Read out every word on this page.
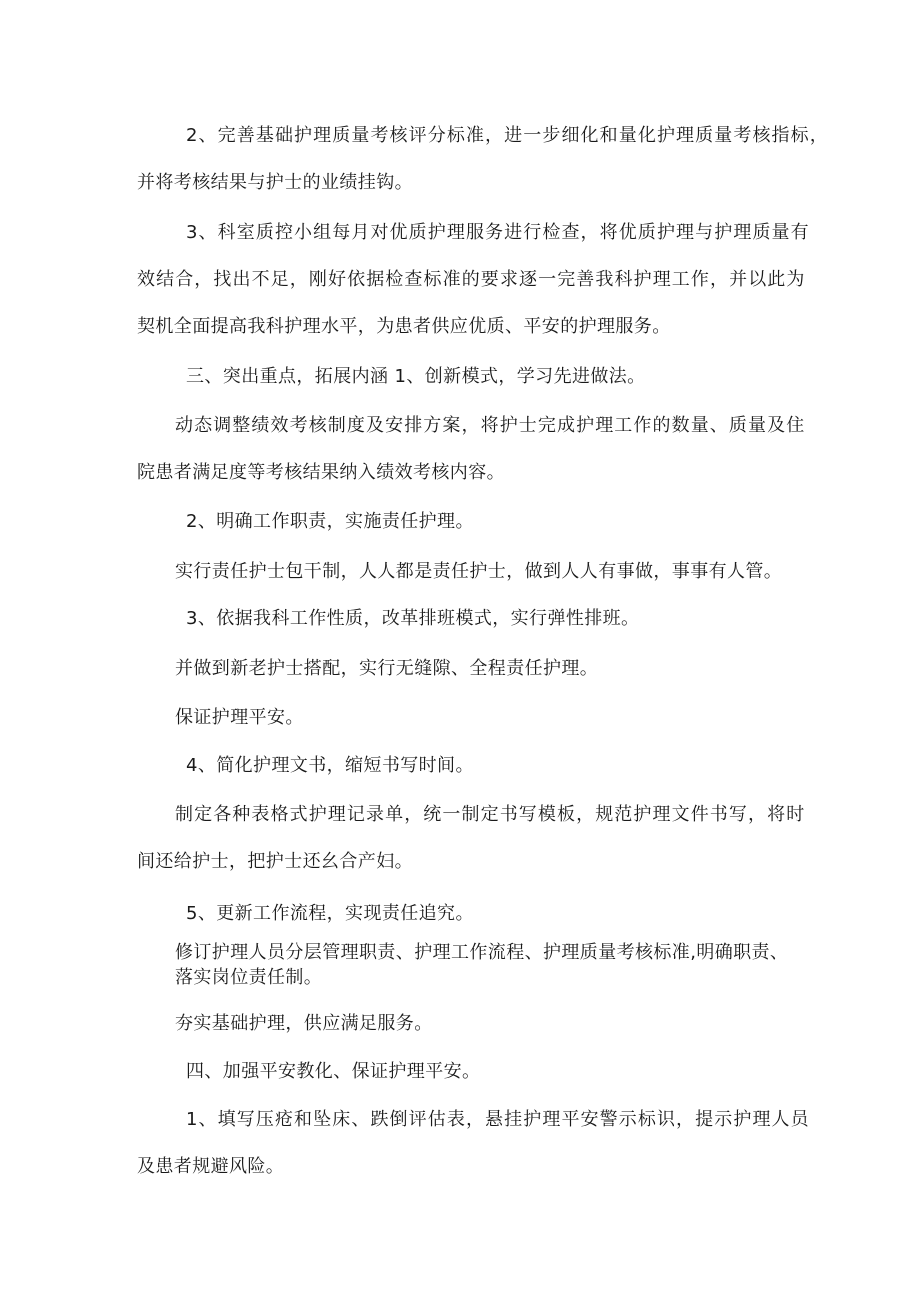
2、完善基础护理质量考核评分标准，进一步细化和量化护理质量考核指标，

并将考核结果与护士的业绩挂钩。

3、科室质控小组每月对优质护理服务进行检查，将优质护理与护理质量有

效结合，找出不足，刚好依据检查标准的要求逐一完善我科护理工作，并以此为

契机全面提高我科护理水平，为患者供应优质、平安的护理服务。

三、突出重点，拓展内涵 1、创新模式，学习先进做法。

动态调整绩效考核制度及安排方案，将护士完成护理工作的数量、质量及住

院患者满足度等考核结果纳入绩效考核内容。

2、明确工作职责，实施责任护理。

实行责任护士包干制，人人都是责任护士，做到人人有事做，事事有人管。

3、依据我科工作性质，改革排班模式，实行弹性排班。

并做到新老护士搭配，实行无缝隙、全程责任护理。

保证护理平安。

4、简化护理文书，缩短书写时间。

制定各种表格式护理记录单，统一制定书写模板，规范护理文件书写，将时

间还给护士，把护士还幺合产妇。

5、更新工作流程，实现责任追究。

修订护理人员分层管理职责、护理工作流程、护理质量考核标准,明确职责、

落实岗位责任制。

夯实基础护理，供应满足服务。

四、加强平安教化、保证护理平安。

1、填写压疮和坠床、跌倒评估表，悬挂护理平安警示标识，提示护理人员

及患者规避风险。
